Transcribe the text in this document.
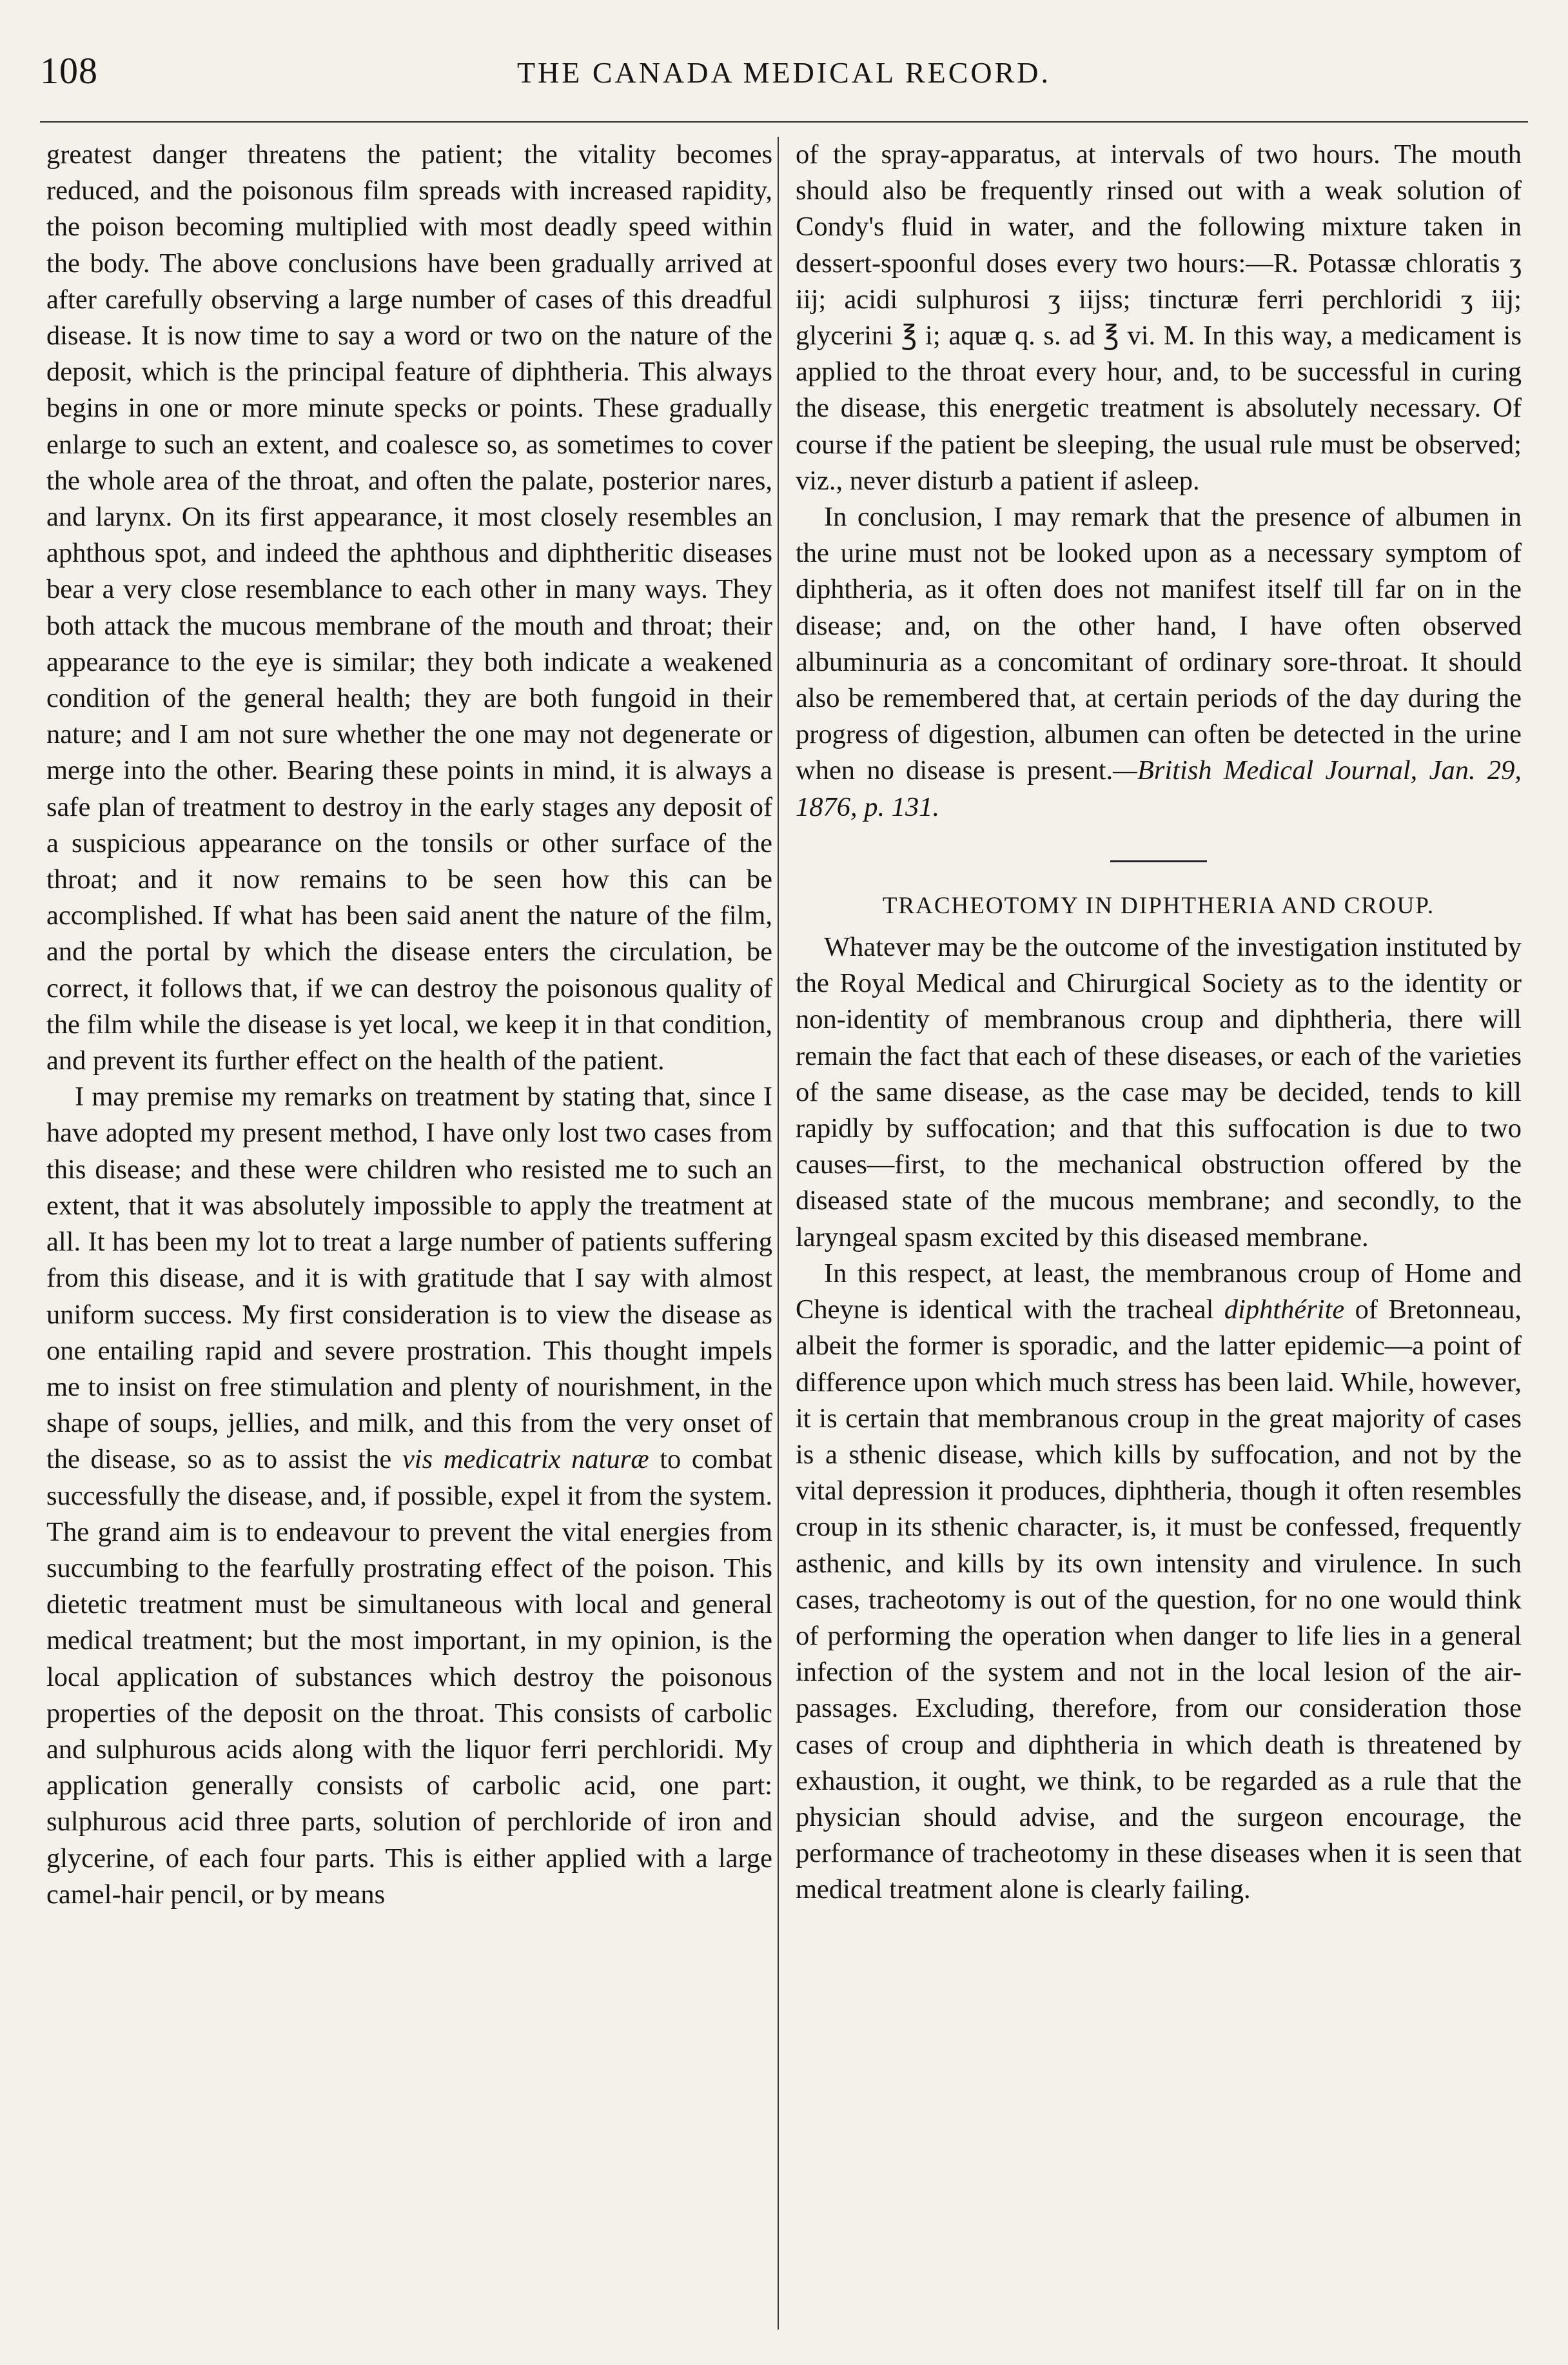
108	THE CANADA MEDICAL RECORD.

greatest danger threatens the patient; the vitality becomes reduced, and the poisonous film spreads with increased rapidity, the poison becoming multiplied with most deadly speed within the body. The above conclusions have been gradually arrived at after carefully observing a large number of cases of this dreadful disease. It is now time to say a word or two on the nature of the deposit, which is the principal feature of diphtheria. This always begins in one or more minute specks or points. These gradually enlarge to such an extent, and coalesce so, as sometimes to cover the whole area of the throat, and often the palate, posterior nares, and larynx. On its first appearance, it most closely resembles an aphthous spot, and indeed the aphthous and diphtheritic diseases bear a very close resemblance to each other in many ways. They both attack the mucous membrane of the mouth and throat; their appearance to the eye is similar; they both indicate a weakened condition of the general health; they are both fungoid in their nature; and I am not sure whether the one may not degenerate or merge into the other. Bearing these points in mind, it is always a safe plan of treatment to destroy in the early stages any deposit of a suspicious appearance on the tonsils or other surface of the throat; and it now remains to be seen how this can be accomplished. If what has been said anent the nature of the film, and the portal by which the disease enters the circulation, be correct, it follows that, if we can destroy the poisonous quality of the film while the disease is yet local, we keep it in that condition, and prevent its further effect on the health of the patient.

I may premise my remarks on treatment by stating that, since I have adopted my present method, I have only lost two cases from this disease; and these were children who resisted me to such an extent, that it was absolutely impossible to apply the treatment at all. It has been my lot to treat a large number of patients suffering from this disease, and it is with gratitude that I say with almost uniform success. My first consideration is to view the disease as one entailing rapid and severe prostration. This thought impels me to insist on free stimulation and plenty of nourishment, in the shape of soups, jellies, and milk, and this from the very onset of the disease, so as to assist the vis medicatrix naturæ to combat successfully the disease, and, if possible, expel it from the system. The grand aim is to endeavour to prevent the vital energies from succumbing to the fearfully prostrating effect of the poison. This dietetic treatment must be simultaneous with local and general medical treatment; but the most important, in my opinion, is the local application of substances which destroy the poisonous properties of the deposit on the throat. This consists of carbolic and sulphurous acids along with the liquor ferri perchloridi. My application generally consists of carbolic acid, one part: sulphurous acid three parts, solution of perchloride of iron and glycerine, of each four parts. This is either applied with a large camel-hair pencil, or by means

of the spray-apparatus, at intervals of two hours. The mouth should also be frequently rinsed out with a weak solution of Condy's fluid in water, and the following mixture taken in dessert-spoonful doses every two hours:—R. Potassæ chloratis ʒ iij; acidi sulphurosi ʒ iijss; tincturæ ferri perchloridi ʒ iij; glycerini ℥ i; aquæ q. s. ad ℥ vi. M. In this way, a medicament is applied to the throat every hour, and, to be successful in curing the disease, this energetic treatment is absolutely necessary. Of course if the patient be sleeping, the usual rule must be observed; viz., never disturb a patient if asleep.

In conclusion, I may remark that the presence of albumen in the urine must not be looked upon as a necessary symptom of diphtheria, as it often does not manifest itself till far on in the disease; and, on the other hand, I have often observed albuminuria as a concomitant of ordinary sore-throat. It should also be remembered that, at certain periods of the day during the progress of digestion, albumen can often be detected in the urine when no disease is present.—British Medical Journal, Jan. 29, 1876, p. 131.

TRACHEOTOMY IN DIPHTHERIA AND CROUP.

Whatever may be the outcome of the investigation instituted by the Royal Medical and Chirurgical Society as to the identity or non-identity of membranous croup and diphtheria, there will remain the fact that each of these diseases, or each of the varieties of the same disease, as the case may be decided, tends to kill rapidly by suffocation; and that this suffocation is due to two causes—first, to the mechanical obstruction offered by the diseased state of the mucous membrane; and secondly, to the laryngeal spasm excited by this diseased membrane.

In this respect, at least, the membranous croup of Home and Cheyne is identical with the tracheal diphthérite of Bretonneau, albeit the former is sporadic, and the latter epidemic—a point of difference upon which much stress has been laid. While, however, it is certain that membranous croup in the great majority of cases is a sthenic disease, which kills by suffocation, and not by the vital depression it produces, diphtheria, though it often resembles croup in its sthenic character, is, it must be confessed, frequently asthenic, and kills by its own intensity and virulence. In such cases, tracheotomy is out of the question, for no one would think of performing the operation when danger to life lies in a general infection of the system and not in the local lesion of the air-passages. Excluding, therefore, from our consideration those cases of croup and diphtheria in which death is threatened by exhaustion, it ought, we think, to be regarded as a rule that the physician should advise, and the surgeon encourage, the performance of tracheotomy in these diseases when it is seen that medical treatment alone is clearly failing.
